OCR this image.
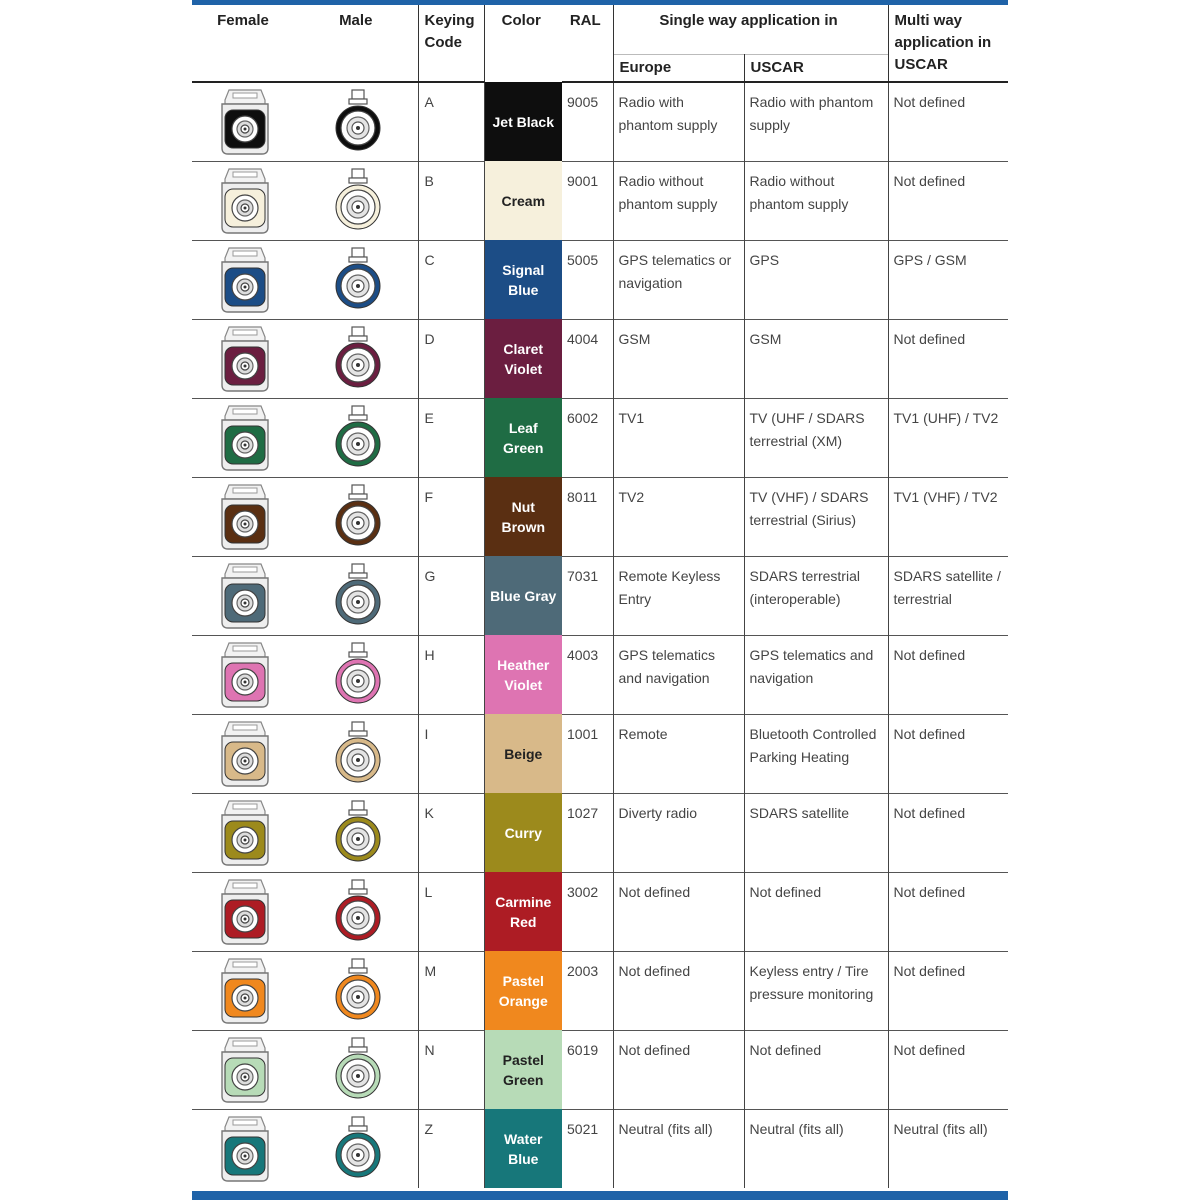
Female	Male	Keying Code	Color	RAL	Single way application in		Multi way application in USCAR
					Europe	USCAR	

	A	Jet Black	9005	Radio with phantom supply	Radio with phantom supply	Not defined

	B	Cream	9001	Radio without phantom supply	Radio without phantom supply	Not defined

	C	Signal Blue	5005	GPS telematics or navigation	GPS	GPS / GSM

	D	Claret Violet	4004	GSM	GSM	Not defined

	E	Leaf Green	6002	TV1	TV (UHF / SDARS terrestrial (XM)	TV1 (UHF) / TV2

	F	Nut Brown	8011	TV2	TV (VHF) / SDARS terrestrial (Sirius)	TV1 (VHF) / TV2

	G	Blue Gray	7031	Remote Keyless Entry	SDARS terrestrial (interoperable)	SDARS satellite / terrestrial

	H	Heather Violet	4003	GPS telematics and navigation	GPS telematics and navigation	Not defined

	I	Beige	1001	Remote	Bluetooth Controlled Parking Heating	Not defined

	K	Curry	1027	Diverty radio	SDARS satellite	Not defined

	L	Carmine Red	3002	Not defined	Not defined	Not defined

	M	Pastel Orange	2003	Not defined	Keyless entry / Tire pressure monitoring	Not defined

	N	Pastel Green	6019	Not defined	Not defined	Not defined

	Z	Water Blue	5021	Neutral (fits all)	Neutral (fits all)	Neutral (fits all)
